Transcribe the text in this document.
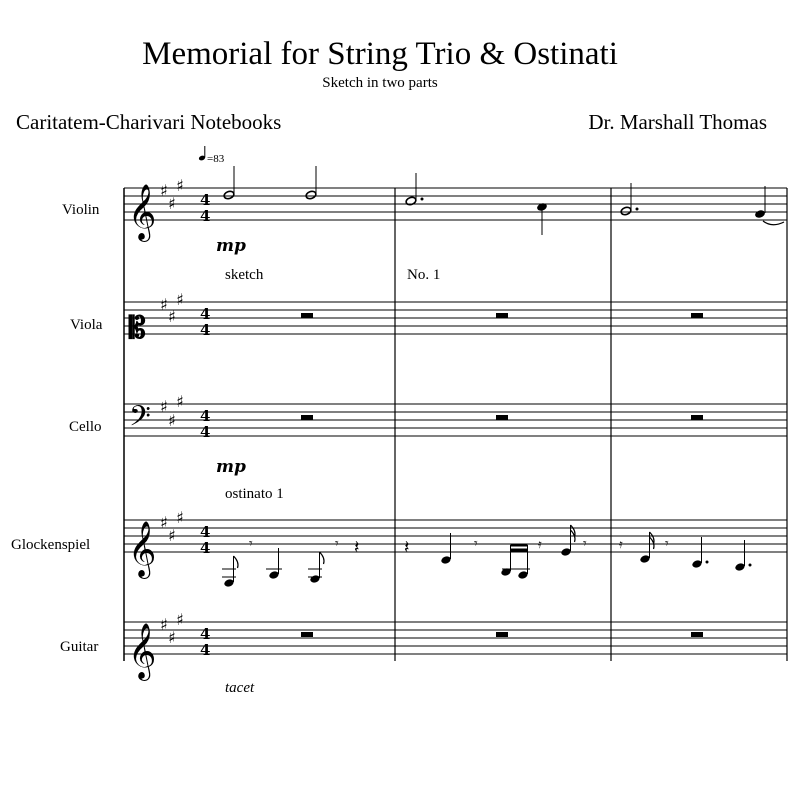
Memorial for String Trio & Ostinati
Sketch in two parts
Caritatem-Charivari Notebooks	Dr. Marshall Thomas
=83
Violin
Viola
Cello
Glockenspiel
Guitar
𝄞
𝄡
𝄢
𝄞
𝄞
♯
♯
♯
♯
♯
♯
♯
♯
♯
♯
♯
♯
♯
♯
♯
4
4
4
4
4
4
4
4
4
4
𝄾	𝄾 𝄽 𝄽	𝄾	𝄿	𝄾	𝄿	𝄾
mp
sketch	No. 1
mp
ostinato 1
tacet
